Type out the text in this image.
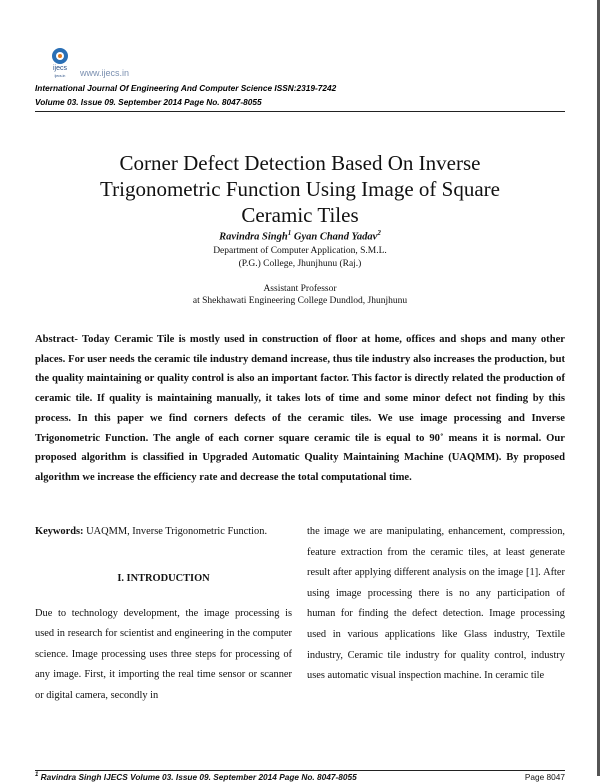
ijecs
ijecs.in www.ijecs.in
International Journal Of Engineering And Computer Science ISSN:2319-7242
Volume 03. Issue 09. September 2014 Page No. 8047-8055
Corner Defect Detection Based On Inverse
Trigonometric Function Using Image of Square
Ceramic Tiles
Ravindra Singh$^1$ Gyan Chand Yadav$^2$
Department of Computer Application, S.M.L.
(P.G.) College, Jhunjhunu (Raj.)
Assistant Professor
at Shekhawati Engineering College Dundlod, Jhunjhunu

Abstract- Today Ceramic Tile is mostly used in construction of floor at home, offices and shops and many other places. For user needs the ceramic tile industry demand increase, thus tile industry also increases the production, but the quality maintaining or quality control is also an important factor. This factor is directly related the production of ceramic tile. If quality is maintaining manually, it takes lots of time and some minor defect not finding by this process. In this paper we find corners defects of the ceramic tiles. We use image processing and Inverse Trigonometric Function. The angle of each corner square ceramic tile is equal to 90˚ means it is normal. Our proposed algorithm is classified in Upgraded Automatic Quality Maintaining Machine (UAQMM). By proposed algorithm we increase the efficiency rate and decrease the total computational time.

Keywords: UAQMM, Inverse Trigonometric Function.

Due to technology development, the image processing is used in research for scientist and engineering in the computer science. Image processing uses three steps for processing of any image. First, it importing the real time sensor or scanner or digital camera, secondly in

I. INTRODUCTION

the image we are manipulating, enhancement, compression, feature extraction from the ceramic tiles, at least generate result after applying different analysis on the image [1]. After using image processing there is no any participation of human for finding the defect detection. Image processing used in various applications like Glass industry, Textile industry, Ceramic tile industry for quality control, industry uses automatic visual inspection machine. In ceramic tile

$^1$ Ravindra Singh IJECS Volume 03. Issue 09. September 2014 Page No. 8047-8055	Page 8047
